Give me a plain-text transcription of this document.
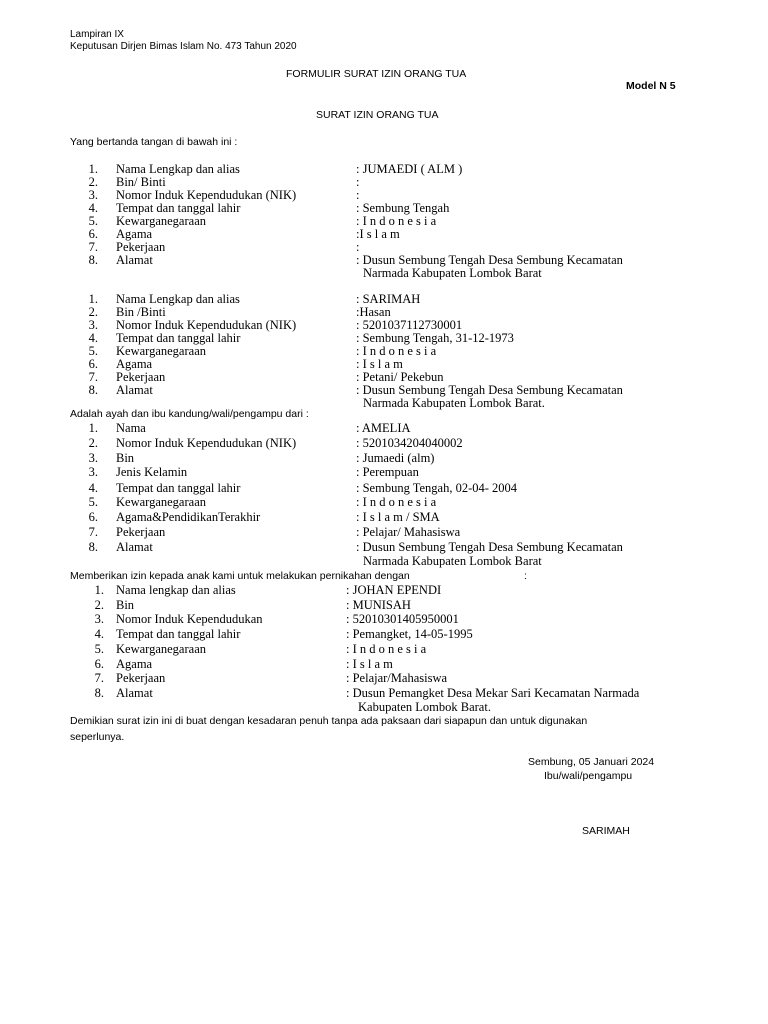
Lampiran IX
Keputusan Dirjen Bimas Islam No. 473 Tahun 2020
FORMULIR SURAT IZIN ORANG TUA
Model N 5
SURAT IZIN ORANG TUA
Yang bertanda tangan di bawah ini :
1. Nama Lengkap dan alias	: JUMAEDI ( ALM )
2. Bin/ Binti	:
3. Nomor Induk Kependudukan (NIK)	:
4. Tempat dan tanggal lahir	: Sembung Tengah
5. Kewarganegaraan	: I n d o n e s i a
6. Agama	:I s l a m
7. Pekerjaan	:
8. Alamat	: Dusun Sembung Tengah Desa Sembung Kecamatan
Narmada Kabupaten Lombok Barat
1. Nama Lengkap dan alias	: SARIMAH
2. Bin /Binti	:Hasan
3. Nomor Induk Kependudukan (NIK)	: 5201037112730001
4. Tempat dan tanggal lahir	: Sembung Tengah, 31-12-1973
5. Kewarganegaraan	: I n d o n e s i a
6. Agama	: I s l a m
7. Pekerjaan	: Petani/ Pekebun
8. Alamat	: Dusun Sembung Tengah Desa Sembung Kecamatan
Narmada Kabupaten Lombok Barat.
Adalah ayah dan ibu kandung/wali/pengampu dari :
1. Nama	: AMELIA
2. Nomor Induk Kependudukan (NIK)	: 5201034204040002
3. Bin	: Jumaedi (alm)
3. Jenis Kelamin	: Perempuan
4. Tempat dan tanggal lahir	: Sembung Tengah, 02-04- 2004
5. Kewarganegaraan	: I n d o n e s i a
6. Agama&PendidikanTerakhir	: I s l a m / SMA
7. Pekerjaan	: Pelajar/ Mahasiswa
8. Alamat	: Dusun Sembung Tengah Desa Sembung Kecamatan
Narmada Kabupaten Lombok Barat
Memberikan izin kepada anak kami untuk melakukan pernikahan dengan	:
1. Nama lengkap dan alias	: JOHAN EPENDI
2. Bin	: MUNISAH
3. Nomor Induk Kependudukan	: 52010301405950001
4. Tempat dan tanggal lahir	: Pemangket, 14-05-1995
5. Kewarganegaraan	: I n d o n e s i a
6. Agama	: I s l a m
7. Pekerjaan	: Pelajar/Mahasiswa
8. Alamat	: Dusun Pemangket Desa Mekar Sari Kecamatan Narmada
Kabupaten Lombok Barat.
Demikian surat izin ini di buat dengan kesadaran penuh tanpa ada paksaan dari siapapun dan untuk digunakan
seperlunya.
Sembung, 05 Januari 2024
Ibu/wali/pengampu
SARIMAH
